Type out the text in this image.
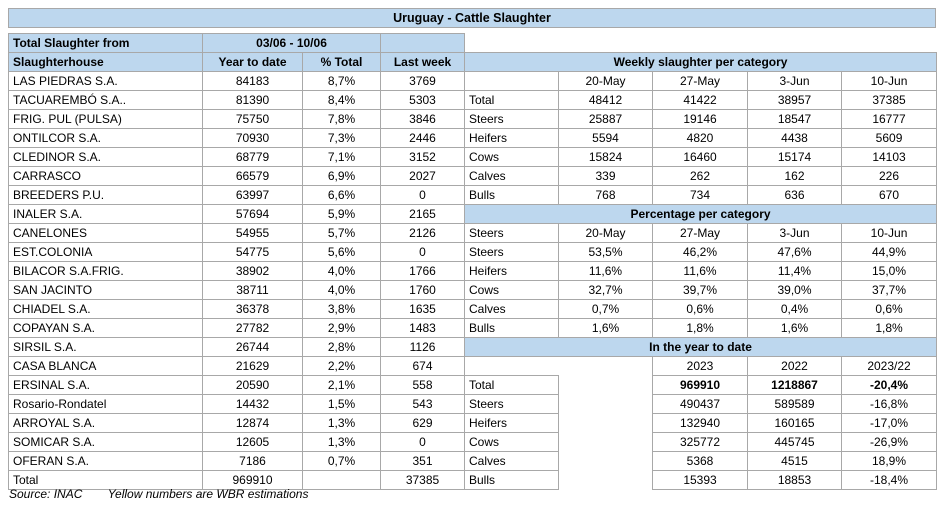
Uruguay - Cattle Slaughter
Total Slaughter from	03/06 - 10/06		
Slaughterhouse	Year to date	% Total	Last week
LAS PIEDRAS S.A.	84183	8,7%	3769
TACUAREMBÓ S.A..	81390	8,4%	5303
FRIG. PUL (PULSA)	75750	7,8%	3846
ONTILCOR S.A.	70930	7,3%	2446
CLEDINOR S.A.	68779	7,1%	3152
CARRASCO	66579	6,9%	2027
BREEDERS P.U.	63997	6,6%	0
INALER S.A.	57694	5,9%	2165
CANELONES	54955	5,7%	2126
EST.COLONIA	54775	5,6%	0
BILACOR S.A.FRIG.	38902	4,0%	1766
SAN JACINTO	38711	4,0%	1760
CHIADEL S.A.	36378	3,8%	1635
COPAYAN S.A.	27782	2,9%	1483
SIRSIL S.A.	26744	2,8%	1126
CASA BLANCA	21629	2,2%	674
ERSINAL S.A.	20590	2,1%	558
Rosario-Rondatel	14432	1,5%	543
ARROYAL S.A.	12874	1,3%	629
SOMICAR S.A.	12605	1,3%	0
OFERAN S.A.	7186	0,7%	351
Total	969910		37385
Weekly slaughter per category				
	20-May	27-May	3-Jun	10-Jun
Total	48412	41422	38957	37385
Steers	25887	19146	18547	16777
Heifers	5594	4820	4438	5609
Cows	15824	16460	15174	14103
Calves	339	262	162	226
Bulls	768	734	636	670
Percentage per category				
Steers	20-May	27-May	3-Jun	10-Jun
Steers	53,5%	46,2%	47,6%	44,9%
Heifers	11,6%	11,6%	11,4%	15,0%
Cows	32,7%	39,7%	39,0%	37,7%
Calves	0,7%	0,6%	0,4%	0,6%
Bulls	1,6%	1,8%	1,6%	1,8%
In the year to date				
		2023	2022	2023/22
Total		969910	1218867	-20,4%
Steers		490437	589589	-16,8%
Heifers		132940	160165	-17,0%
Cows		325772	445745	-26,9%
Calves		5368	4515	18,9%
Bulls		15393	18853	-18,4%
Source: INAC Yellow numbers are WBR estimations
